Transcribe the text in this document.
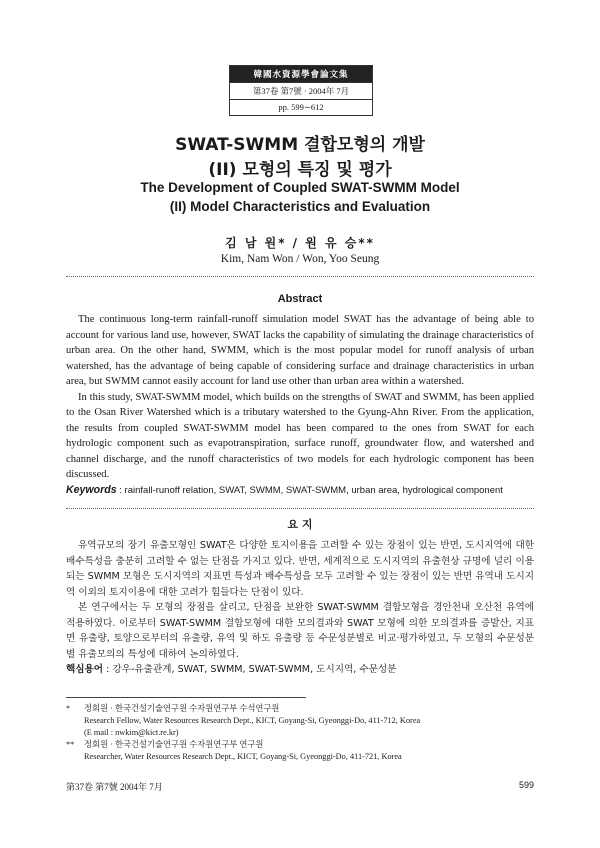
韓國水資源學會論文集
第37卷 第7號 · 2004年 7月
pp. 599∼612
SWAT-SWMM 결합모형의 개발
(II) 모형의 특징 및 평가
The Development of Coupled SWAT-SWMM Model
(II) Model Characteristics and Evaluation
김 남 원* / 원 유 승**
Kim, Nam Won / Won, Yoo Seung
Abstract

The continuous long-term rainfall-runoff simulation model SWAT has the advantage of being able to account for various land use, however, SWAT lacks the capability of simulating the drainage characteristics of urban area. On the other hand, SWMM, which is the most popular model for runoff analysis of urban watershed, has the advantage of being capable of considering surface and drainage characteristics in urban area, but SWMM cannot easily account for land use other than urban area within a watershed.

In this study, SWAT-SWMM model, which builds on the strengths of SWAT and SWMM, has been applied to the Osan River Watershed which is a tributary watershed to the Gyung-Ahn River. From the application, the results from coupled SWAT-SWMM model has been compared to the ones from SWAT for each hydrologic component such as evapotranspiration, surface runoff, groundwater flow, and watershed and channel discharge, and the runoff characteristics of two models for each hydrologic component has been discussed.

Keywords : rainfall-runoff relation, SWAT, SWMM, SWAT-SWMM, urban area, hydrological component
요 지

유역규모의 장기 유출모형인 SWAT은 다양한 토지이용을 고려할 수 있는 장점이 있는 반면, 도시지역에 대한 배수특성을 충분히 고려할 수 없는 단점을 가지고 있다. 반면, 세계적으로 도시지역의 유출현상 규명에 널리 이용되는 SWMM 모형은 도시지역의 지표면 특성과 배수특성을 모두 고려할 수 있는 장점이 있는 반면 유역내 도시지역 이외의 토지이용에 대한 고려가 힘들다는 단점이 있다.

본 연구에서는 두 모형의 장점을 살리고, 단점을 보완한 SWAT-SWMM 결합모형을 경안천내 오산천 유역에 적용하였다. 이로부터 SWAT-SWMM 결합모형에 대한 모의결과와 SWAT 모형에 의한 모의결과를 증발산, 지표면 유출량, 토양으로부터의 유출량, 유역 및 하도 유출량 등 수문성분별로 비교·평가하였고, 두 모형의 수문성분별 유출모의의 특성에 대하여 논의하였다.

핵심용어 : 강우-유출관계, SWAT, SWMM, SWAT-SWMM, 도시지역, 수문성분
*	정회원 · 한국건설기술연구원 수자원연구부 수석연구원
Research Fellow, Water Resources Research Dept., KICT, Goyang-Si, Gyeonggi-Do, 411-712, Korea
(E mail : nwkim@kict.re.kr)
**	정회원 · 한국건설기술연구원 수자원연구부 연구원
Researcher, Water Resources Research Dept., KICT, Goyang-Si, Gyeonggi-Do, 411-721, Korea
第37卷 第7號 2004年 7月	599
